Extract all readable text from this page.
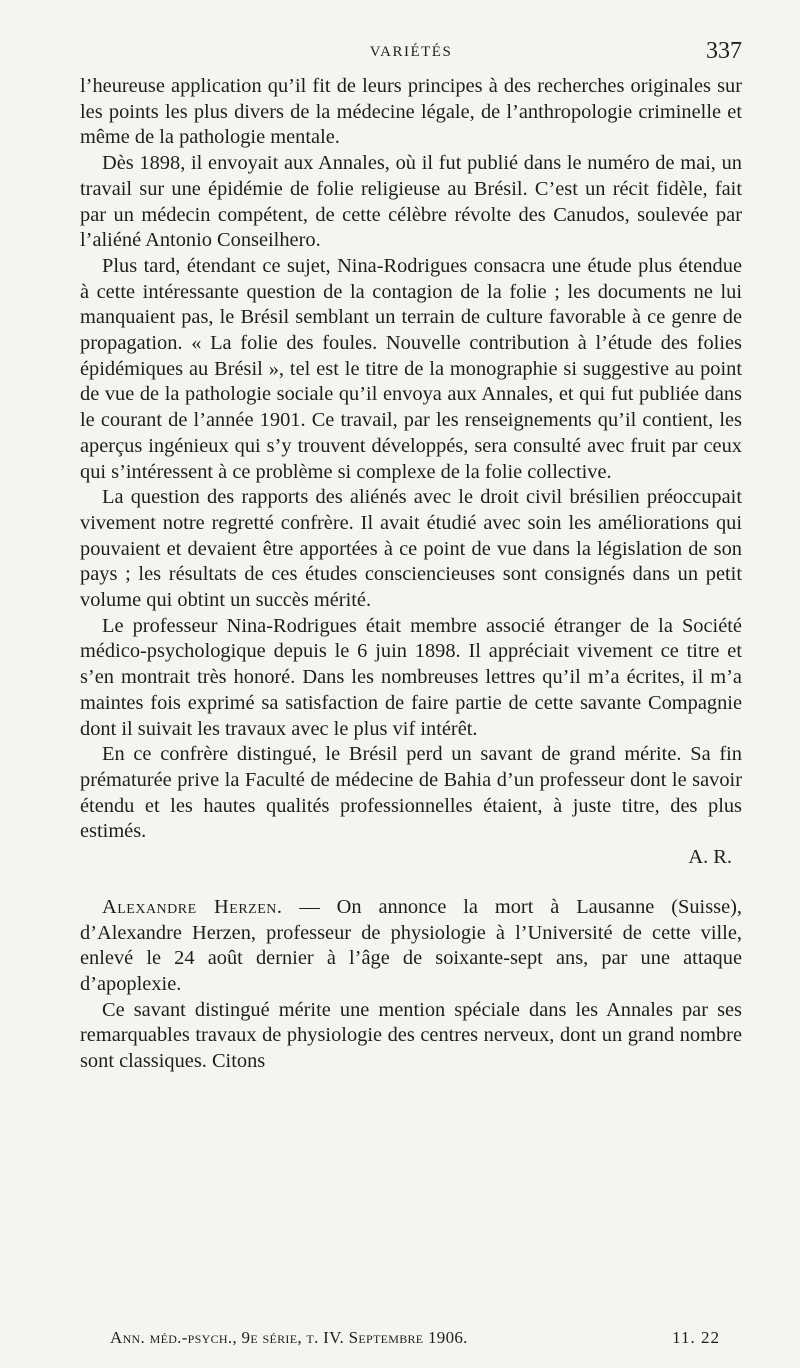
VARIÉTÉS	337

l’heureuse application qu’il fit de leurs principes à des recherches originales sur les points les plus divers de la médecine légale, de l’anthropologie criminelle et même de la pathologie mentale.

Dès 1898, il envoyait aux Annales, où il fut publié dans le numéro de mai, un travail sur une épidémie de folie religieuse au Brésil. C’est un récit fidèle, fait par un médecin compétent, de cette célèbre révolte des Canudos, soulevée par l’aliéné Antonio Conseilhero.

Plus tard, étendant ce sujet, Nina-Rodrigues consacra une étude plus étendue à cette intéressante question de la contagion de la folie ; les documents ne lui manquaient pas, le Brésil semblant un terrain de culture favorable à ce genre de propagation. « La folie des foules. Nouvelle contribution à l’étude des folies épidémiques au Brésil », tel est le titre de la monographie si suggestive au point de vue de la pathologie sociale qu’il envoya aux Annales, et qui fut publiée dans le courant de l’année 1901. Ce travail, par les renseignements qu’il contient, les aperçus ingénieux qui s’y trouvent développés, sera consulté avec fruit par ceux qui s’intéressent à ce problème si complexe de la folie collective.

La question des rapports des aliénés avec le droit civil brésilien préoccupait vivement notre regretté confrère. Il avait étudié avec soin les améliorations qui pouvaient et devaient être apportées à ce point de vue dans la législation de son pays ; les résultats de ces études consciencieuses sont consignés dans un petit volume qui obtint un succès mérité.

Le professeur Nina-Rodrigues était membre associé étranger de la Société médico-psychologique depuis le 6 juin 1898. Il appréciait vivement ce titre et s’en montrait très honoré. Dans les nombreuses lettres qu’il m’a écrites, il m’a maintes fois exprimé sa satisfaction de faire partie de cette savante Compagnie dont il suivait les travaux avec le plus vif intérêt.

En ce confrère distingué, le Brésil perd un savant de grand mérite. Sa fin prématurée prive la Faculté de médecine de Bahia d’un professeur dont le savoir étendu et les hautes qualités professionnelles étaient, à juste titre, des plus estimés.

A. R.

Alexandre Herzen. — On annonce la mort à Lausanne (Suisse), d’Alexandre Herzen, professeur de physiologie à l’Université de cette ville, enlevé le 24 août dernier à l’âge de soixante-sept ans, par une attaque d’apoplexie.

Ce savant distingué mérite une mention spéciale dans les Annales par ses remarquables travaux de physiologie des centres nerveux, dont un grand nombre sont classiques. Citons

Ann. méd.-psych., 9e série, t. IV. Septembre 1906.	11. 22
